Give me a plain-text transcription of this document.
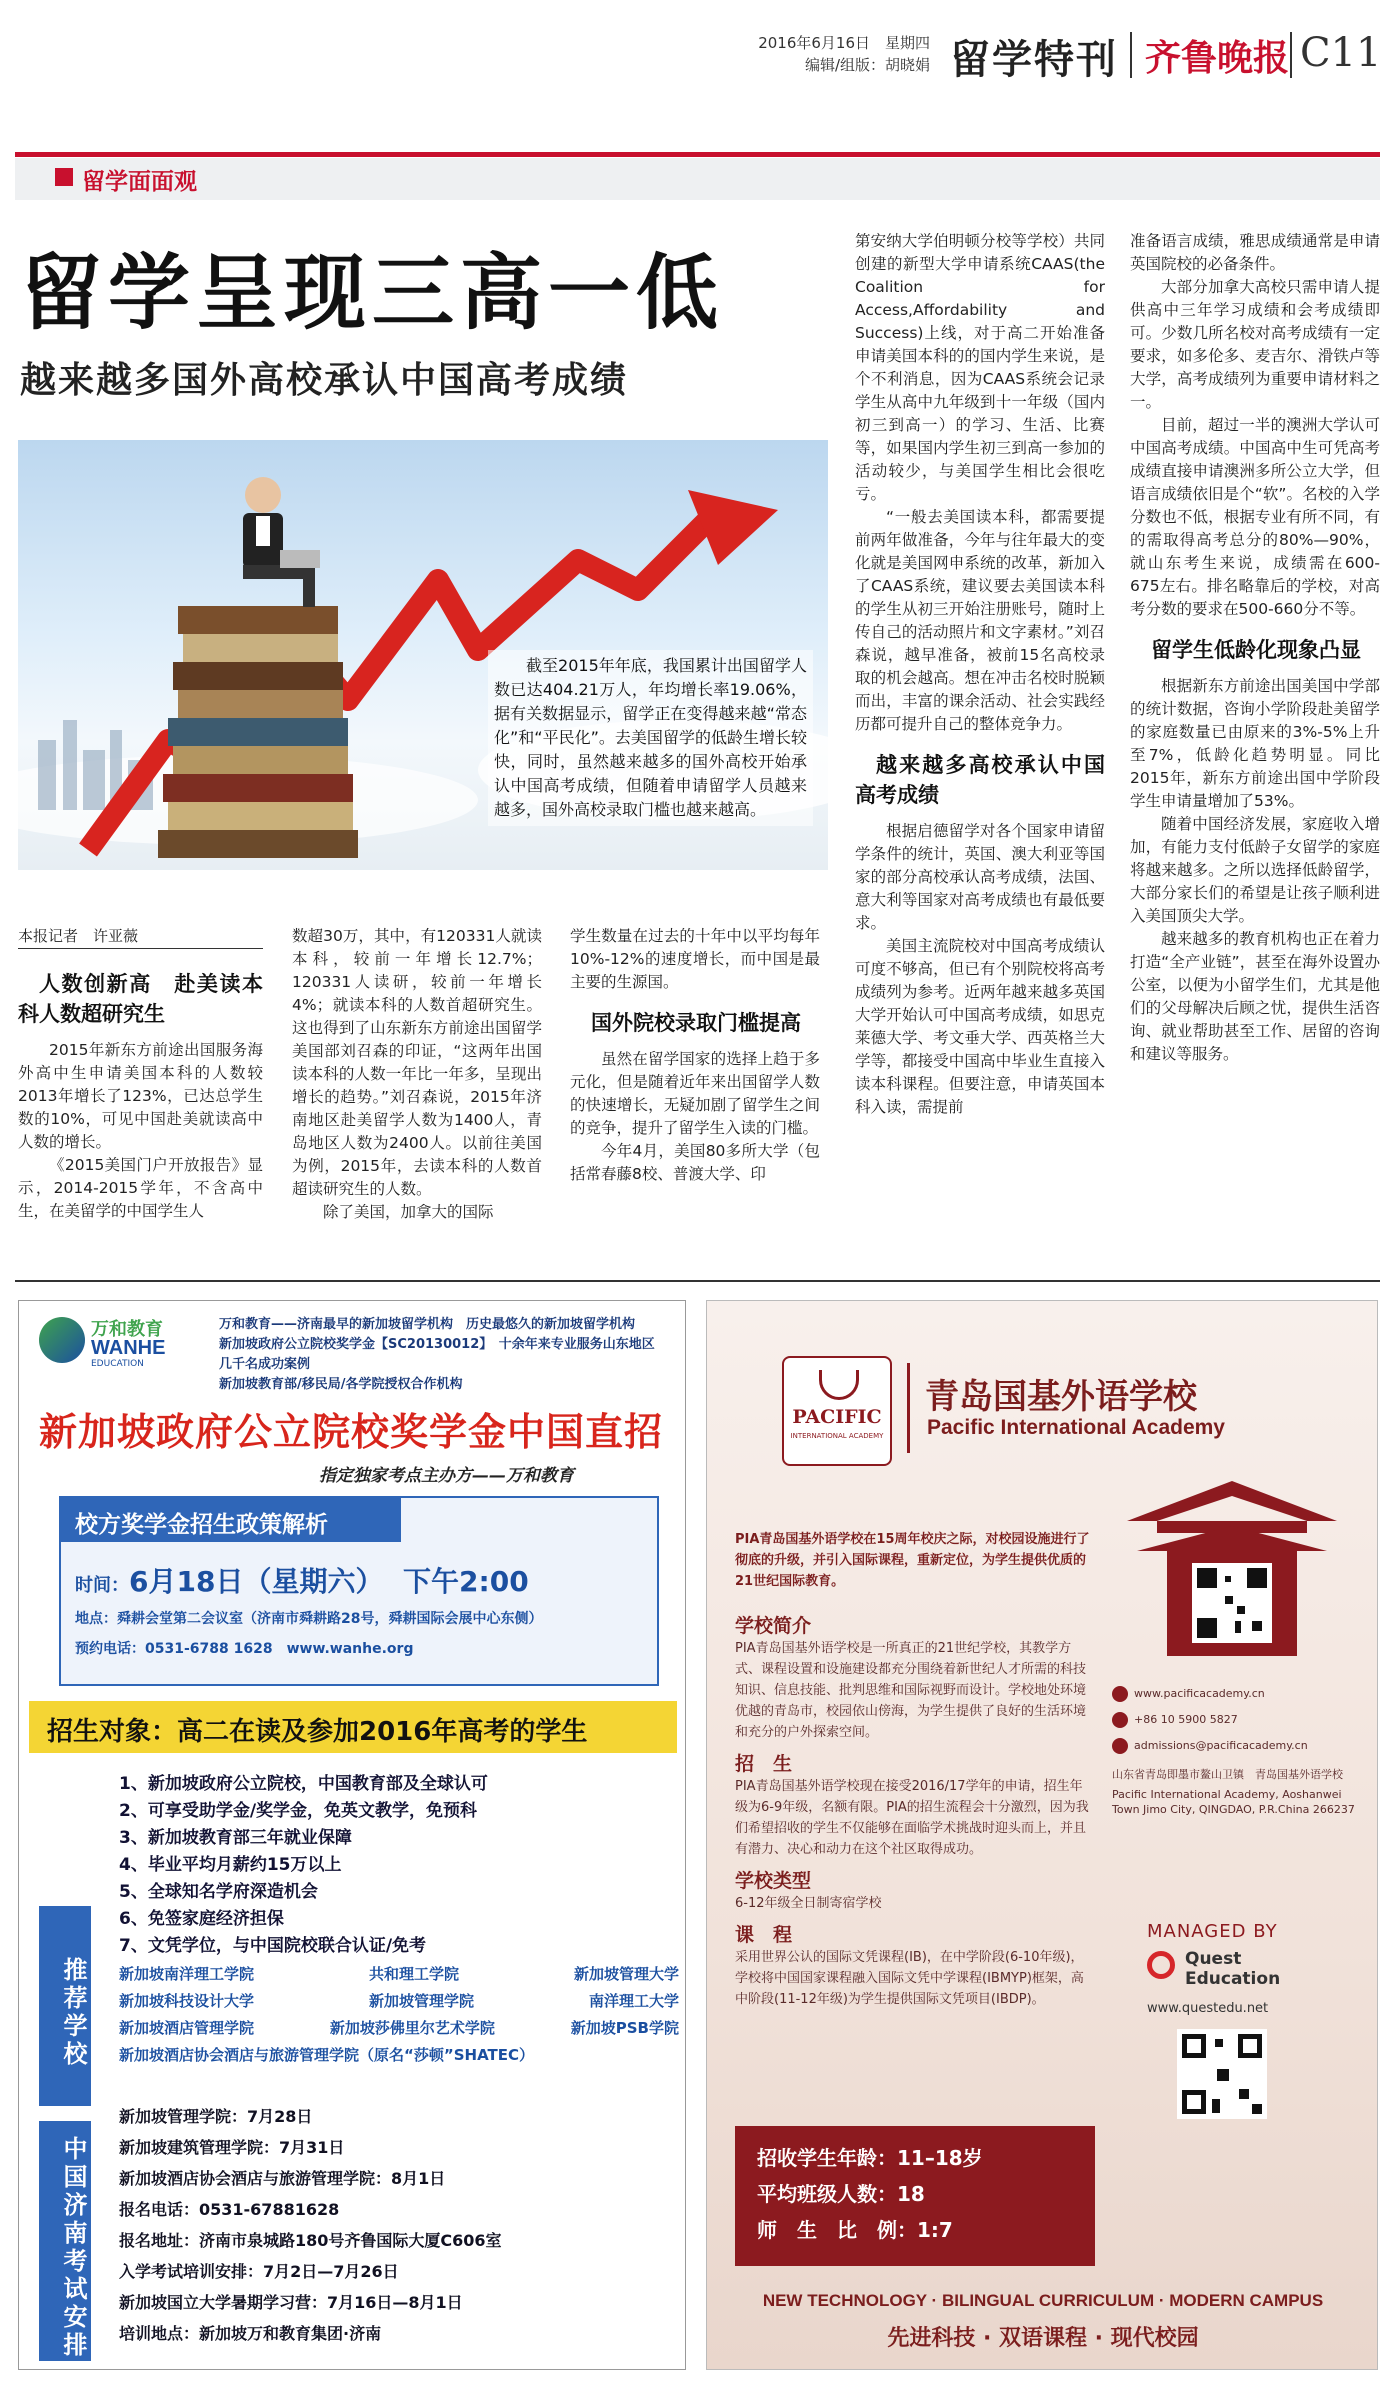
2016年6月16日　星期四
编辑/组版：胡晓娟 留学特刊 齐鲁晚报 C11
留学面面观
留学呈现三高一低
越来越多国外高校承认中国高考成绩
截至2015年年底，我国累计出国留学人数已达404.21万人，年均增长率19.06%，据有关数据显示，留学正在变得越来越“常态化”和“平民化”。去美国留学的低龄生增长较快，同时，虽然越来越多的国外高校开始承认中国高考成绩，但随着申请留学人员越来越多，国外高校录取门槛也越来越高。
本报记者　许亚薇
人数创新高　赴美读本科人数超研究生

2015年新东方前途出国服务海外高中生申请美国本科的人数较2013年增长了123%，已达总学生数的10%，可见中国赴美就读高中人数的增长。

《2015美国门户开放报告》显示，2014-2015学年，不含高中生，在美留学的中国学生人

数超30万，其中，有120331人就读本科，较前一年增长12.7%；120331人读研，较前一年增长4%；就读本科的人数首超研究生。这也得到了山东新东方前途出国留学美国部刘召森的印证，“这两年出国读本科的人数一年比一年多，呈现出增长的趋势。”刘召森说，2015年济南地区赴美留学人数为1400人，青岛地区人数为2400人。以前往美国为例，2015年，去读本科的人数首超读研究生的人数。

除了美国，加拿大的国际

学生数量在过去的十年中以平均每年10%-12%的速度增长，而中国是最主要的生源国。

国外院校录取门槛提高

虽然在留学国家的选择上趋于多元化，但是随着近年来出国留学人数的快速增长，无疑加剧了留学生之间的竞争，提升了留学生入读的门槛。

今年4月，美国80多所大学（包括常春藤8校、普渡大学、印

第安纳大学伯明顿分校等学校）共同创建的新型大学申请系统CAAS(the Coalition for Access,Affordability and Success)上线，对于高二开始准备申请美国本科的的国内学生来说，是个不利消息，因为CAAS系统会记录学生从高中九年级到十一年级（国内初三到高一）的学习、生活、比赛等，如果国内学生初三到高一参加的活动较少，与美国学生相比会很吃亏。

“一般去美国读本科，都需要提前两年做准备，今年与往年最大的变化就是美国网申系统的改革，新加入了CAAS系统，建议要去美国读本科的学生从初三开始注册账号，随时上传自己的活动照片和文字素材。”刘召森说，越早准备，被前15名高校录取的机会越高。想在冲击名校时脱颖而出，丰富的课余活动、社会实践经历都可提升自己的整体竞争力。

越来越多高校承认中国高考成绩

根据启德留学对各个国家申请留学条件的统计，英国、澳大利亚等国家的部分高校承认高考成绩，法国、意大利等国家对高考成绩也有最低要求。

美国主流院校对中国高考成绩认可度不够高，但已有个别院校将高考成绩列为参考。近两年越来越多英国大学开始认可中国高考成绩，如思克莱德大学、考文垂大学、西英格兰大学等，都接受中国高中毕业生直接入读本科课程。但要注意，申请英国本科入读，需提前

准备语言成绩，雅思成绩通常是申请英国院校的必备条件。

大部分加拿大高校只需申请人提供高中三年学习成绩和会考成绩即可。少数几所名校对高考成绩有一定要求，如多伦多、麦吉尔、滑铁卢等大学，高考成绩列为重要申请材料之一。

目前，超过一半的澳洲大学认可中国高考成绩。中国高中生可凭高考成绩直接申请澳洲多所公立大学，但语言成绩依旧是个“软”。名校的入学分数也不低，根据专业有所不同，有的需取得高考总分的80%—90%，就山东考生来说，成绩需在600-675左右。排名略靠后的学校，对高考分数的要求在500-660分不等。

留学生低龄化现象凸显

根据新东方前途出国美国中学部的统计数据，咨询小学阶段赴美留学的家庭数量已由原来的3%-5%上升至7%，低龄化趋势明显。同比2015年，新东方前途出国中学阶段学生申请量增加了53%。

随着中国经济发展，家庭收入增加，有能力支付低龄子女留学的家庭将越来越多。之所以选择低龄留学，大部分家长们的希望是让孩子顺利进入美国顶尖大学。

越来越多的教育机构也正在着力打造“全产业链”，甚至在海外设置办公室，以便为小留学生们，尤其是他们的父母解决后顾之忧，提供生活咨询、就业帮助甚至工作、居留的咨询和建议等服务。

万和教育
WANHE
EDUCATION
万和教育——济南最早的新加坡留学机构　历史最悠久的新加坡留学机构
新加坡政府公立院校奖学金【SC20130012】　十余年来专业服务山东地区　几千名成功案例
新加坡教育部/移民局/各学院授权合作机构
新加坡政府公立院校奖学金中国直招
指定独家考点主办方——万和教育
校方奖学金招生政策解析
时间：6月18日（星期六） 下午2:00
地点：舜耕会堂第二会议室（济南市舜耕路28号，舜耕国际会展中心东侧）
预约电话：0531-6788 1628　www.wanhe.org
招生对象：高二在读及参加2016年高考的学生
1、新加坡政府公立院校，中国教育部及全球认可
2、可享受助学金/奖学金，免英文教学，免预科
3、新加坡教育部三年就业保障
4、毕业平均月薪约15万以上
5、全球知名学府深造机会
6、免签家庭经济担保
7、文凭学位，与中国院校联合认证/免考
推荐学校 新加坡南洋理工学院	共和理工学院	新加坡管理大学
新加坡科技设计大学	新加坡管理学院	南洋理工大学
新加坡酒店管理学院	新加坡莎佛里尔艺术学院	新加坡PSB学院
新加坡酒店协会酒店与旅游管理学院（原名“莎顿”SHATEC）
中国济南考试安排
新加坡管理学院：7月28日
新加坡建筑管理学院：7月31日
新加坡酒店协会酒店与旅游管理学院：8月1日
报名电话：0531-67881628
报名地址：济南市泉城路180号齐鲁国际大厦C606室
入学考试培训安排：7月2日—7月26日
新加坡国立大学暑期学习营：7月16日—8月1日
培训地点：新加坡万和教育集团·济南
PACIFIC
INTERNATIONAL ACADEMY
青岛国基外语学校
Pacific International Academy
PIA青岛国基外语学校在15周年校庆之际，对校园设施进行了彻底的升级，并引入国际课程，重新定位，为学生提供优质的21世纪国际教育。
学校简介
PIA青岛国基外语学校是一所真正的21世纪学校，其教学方式、课程设置和设施建设都充分围绕着新世纪人才所需的科技知识、信息技能、批判思维和国际视野而设计。学校地处环境优越的青岛市，校园依山傍海，为学生提供了良好的生活环境和充分的户外探索空间。
招　生
PIA青岛国基外语学校现在接受2016/17学年的申请，招生年级为6-9年级，名额有限。PIA的招生流程会十分激烈，因为我们希望招收的学生不仅能够在面临学术挑战时迎头而上，并且有潜力、决心和动力在这个社区取得成功。
学校类型
6-12年级全日制寄宿学校
课　程
采用世界公认的国际文凭课程(IB)，在中学阶段(6-10年级)，学校将中国国家课程融入国际文凭中学课程(IBMYP)框架，高中阶段(11-12年级)为学生提供国际文凭项目(IBDP)。
www.pacificacademy.cn
+86 10 5900 5827
admissions@pacificacademy.cn
山东省青岛即墨市鳌山卫镇　青岛国基外语学校
Pacific International Academy, Aoshanwei Town Jimo City, QINGDAO, P.R.China 266237
MANAGED BY
Quest
Education
www.questedu.net
招收学生年龄：11–18岁
平均班级人数：18
师　生　比　例：1:7
NEW TECHNOLOGY · BILINGUAL CURRICULUM · MODERN CAMPUS
先进科技 · 双语课程 · 现代校园
